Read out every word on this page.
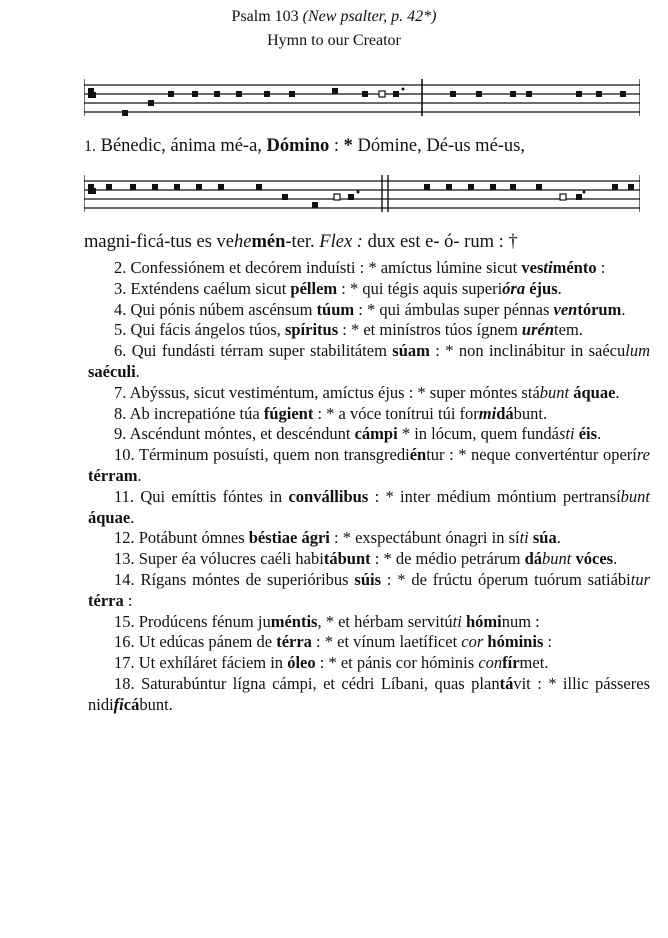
Psalm 103 (New psalter, p. 42*)
Hymn to our Creator
1. Bénedic, ánima mé-a, Dómino : * Dómine, Dé-us mé-us,
magni-ficá-tus es vehemén-ter. Flex : dux est e- ó- rum : †

2. Confessiónem et decórem induísti : * amíctus lúmine sicut vestiménto :

3. Exténdens caélum sicut péllem : * qui tégis aquis superióra éjus.

4. Qui pónis núbem ascénsum túum : * qui ámbulas super pénnas ventórum.

5. Qui fácis ángelos túos, spíritus : * et minístros túos ígnem uréntem.

6. Qui fundásti térram super stabilitátem súam : * non inclinábitur in saéculum saéculi.

7. Abýssus, sicut vestiméntum, amíctus éjus : * super móntes stábunt áquae.

8. Ab increpatióne túa fúgient : * a vóce tonítrui túi formidábunt.

9. Ascéndunt móntes, et descéndunt cámpi * in lócum, quem fundásti éis.

10. Términum posuísti, quem non transgrediéntur : * neque converténtur operíre térram.

11. Qui emíttis fóntes in convállibus : * inter médium móntium pertransíbunt áquae.

12. Potábunt ómnes béstiae ágri : * exspectábunt ónagri in síti súa.

13. Super éa vólucres caéli habitábunt : * de médio petrárum dábunt vóces.

14. Rígans móntes de superióribus súis : * de frúctu óperum tuórum satiábitur térra :

15. Prodúcens fénum juméntis, * et hérbam servitúti hóminum :

16. Ut edúcas pánem de térra : * et vínum laetíficet cor hóminis :

17. Ut exhíláret fáciem in óleo : * et pánis cor hóminis confírmet.

18. Saturabúntur lígna cámpi, et cédri Líbani, quas plantávit : * illic pásseres nidificábunt.
